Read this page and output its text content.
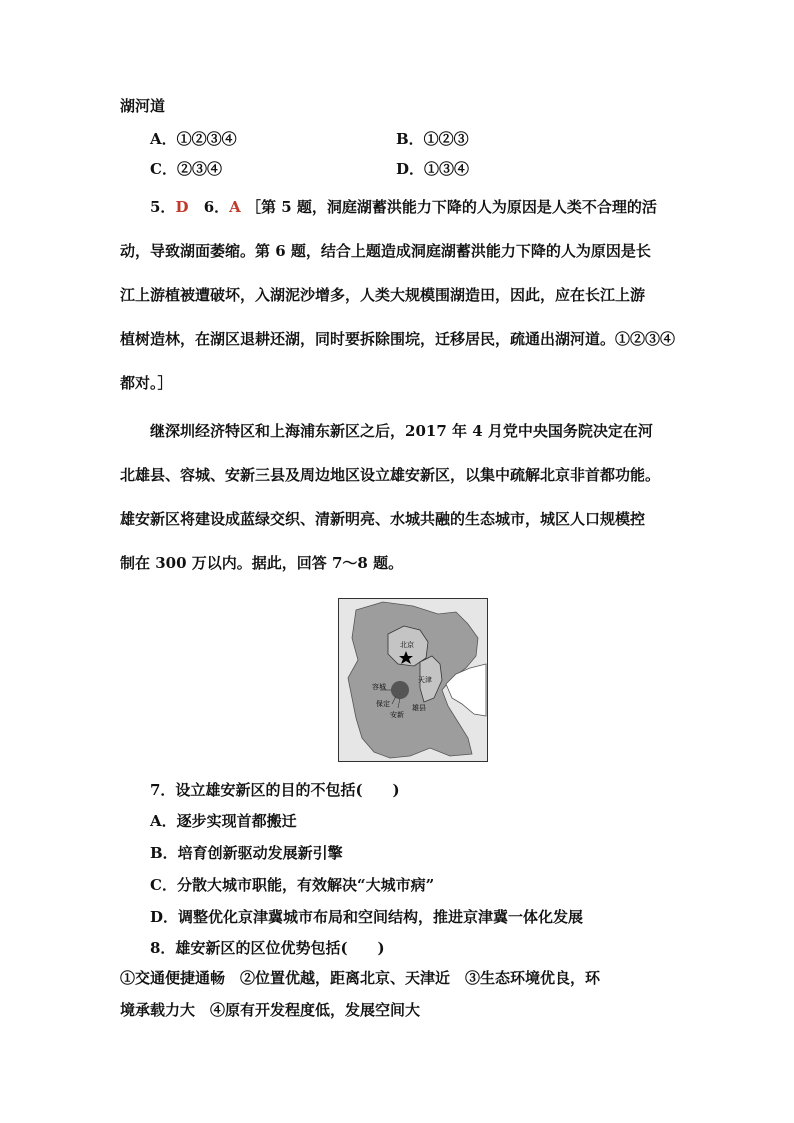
湖河道
A．①②③④	B．①②③
C．②③④	D．①③④
5．D 6．A ［第 5 题，洞庭湖蓄洪能力下降的人为原因是人类不合理的活
动，导致湖面萎缩。第 6 题，结合上题造成洞庭湖蓄洪能力下降的人为原因是长
江上游植被遭破坏，入湖泥沙增多，人类大规模围湖造田，因此，应在长江上游
植树造林，在湖区退耕还湖，同时要拆除围垸，迁移居民，疏通出湖河道。①②③④
都对。］
继深圳经济特区和上海浦东新区之后，2017 年 4 月党中央国务院决定在河
北雄县、容城、安新三县及周边地区设立雄安新区，以集中疏解北京非首都功能。
雄安新区将建设成蓝绿交织、清新明亮、水城共融的生态城市，城区人口规模控
制在 300 万以内。据此，回答 7～8 题。
北京
天津
容城
保定
安新
雄县
7．设立雄安新区的目的不包括(　　)
A．逐步实现首都搬迁
B．培育创新驱动发展新引擎
C．分散大城市职能，有效解决“大城市病”
D．调整优化京津冀城市布局和空间结构，推进京津冀一体化发展
8．雄安新区的区位优势包括(　　)
①交通便捷通畅　②位置优越，距离北京、天津近　③生态环境优良，环
境承载力大　④原有开发程度低，发展空间大
